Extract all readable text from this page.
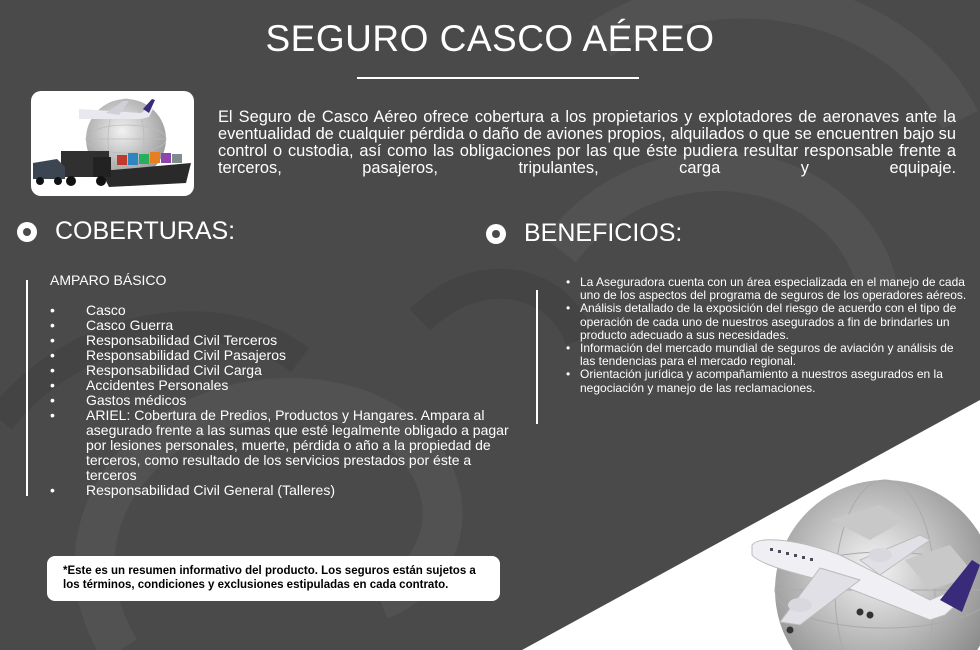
SEGURO CASCO AÉREO
El Seguro de Casco Aéreo ofrece cobertura a los propietarios y explotadores de aeronaves ante la eventualidad de cualquier pérdida o daño de aviones propios, alquilados o que se encuentren bajo su control o custodia, así como las obligaciones por las que éste pudiera resultar responsable frente a terceros, pasajeros, tripulantes, carga y equipaje.
COBERTURAS:
AMPARO BÁSICO
• Casco
• Casco Guerra
• Responsabilidad Civil Terceros
• Responsabilidad Civil Pasajeros
• Responsabilidad Civil Carga
• Accidentes Personales
• Gastos médicos
• ARIEL: Cobertura de Predios, Productos y Hangares. Ampara al asegurado frente a las sumas que esté legalmente obligado a pagar por lesiones personales, muerte, pérdida o año a la propiedad de terceros, como resultado de los servicios prestados por éste a terceros
• Responsabilidad Civil General (Talleres)
BENEFICIOS:
• La Aseguradora cuenta con un área especializada en el manejo de cada uno de los aspectos del programa de seguros de los operadores aéreos.
• Análisis detallado de la exposición del riesgo de acuerdo con el tipo de operación de cada uno de nuestros asegurados a fin de brindarles un producto adecuado a sus necesidades.
• Información del mercado mundial de seguros de aviación y análisis de las tendencias para el mercado regional.
• Orientación jurídica y acompañamiento a nuestros asegurados en la negociación y manejo de las reclamaciones.
*Este es un resumen informativo del producto. Los seguros están sujetos a los términos, condiciones y exclusiones estipuladas en cada contrato.
